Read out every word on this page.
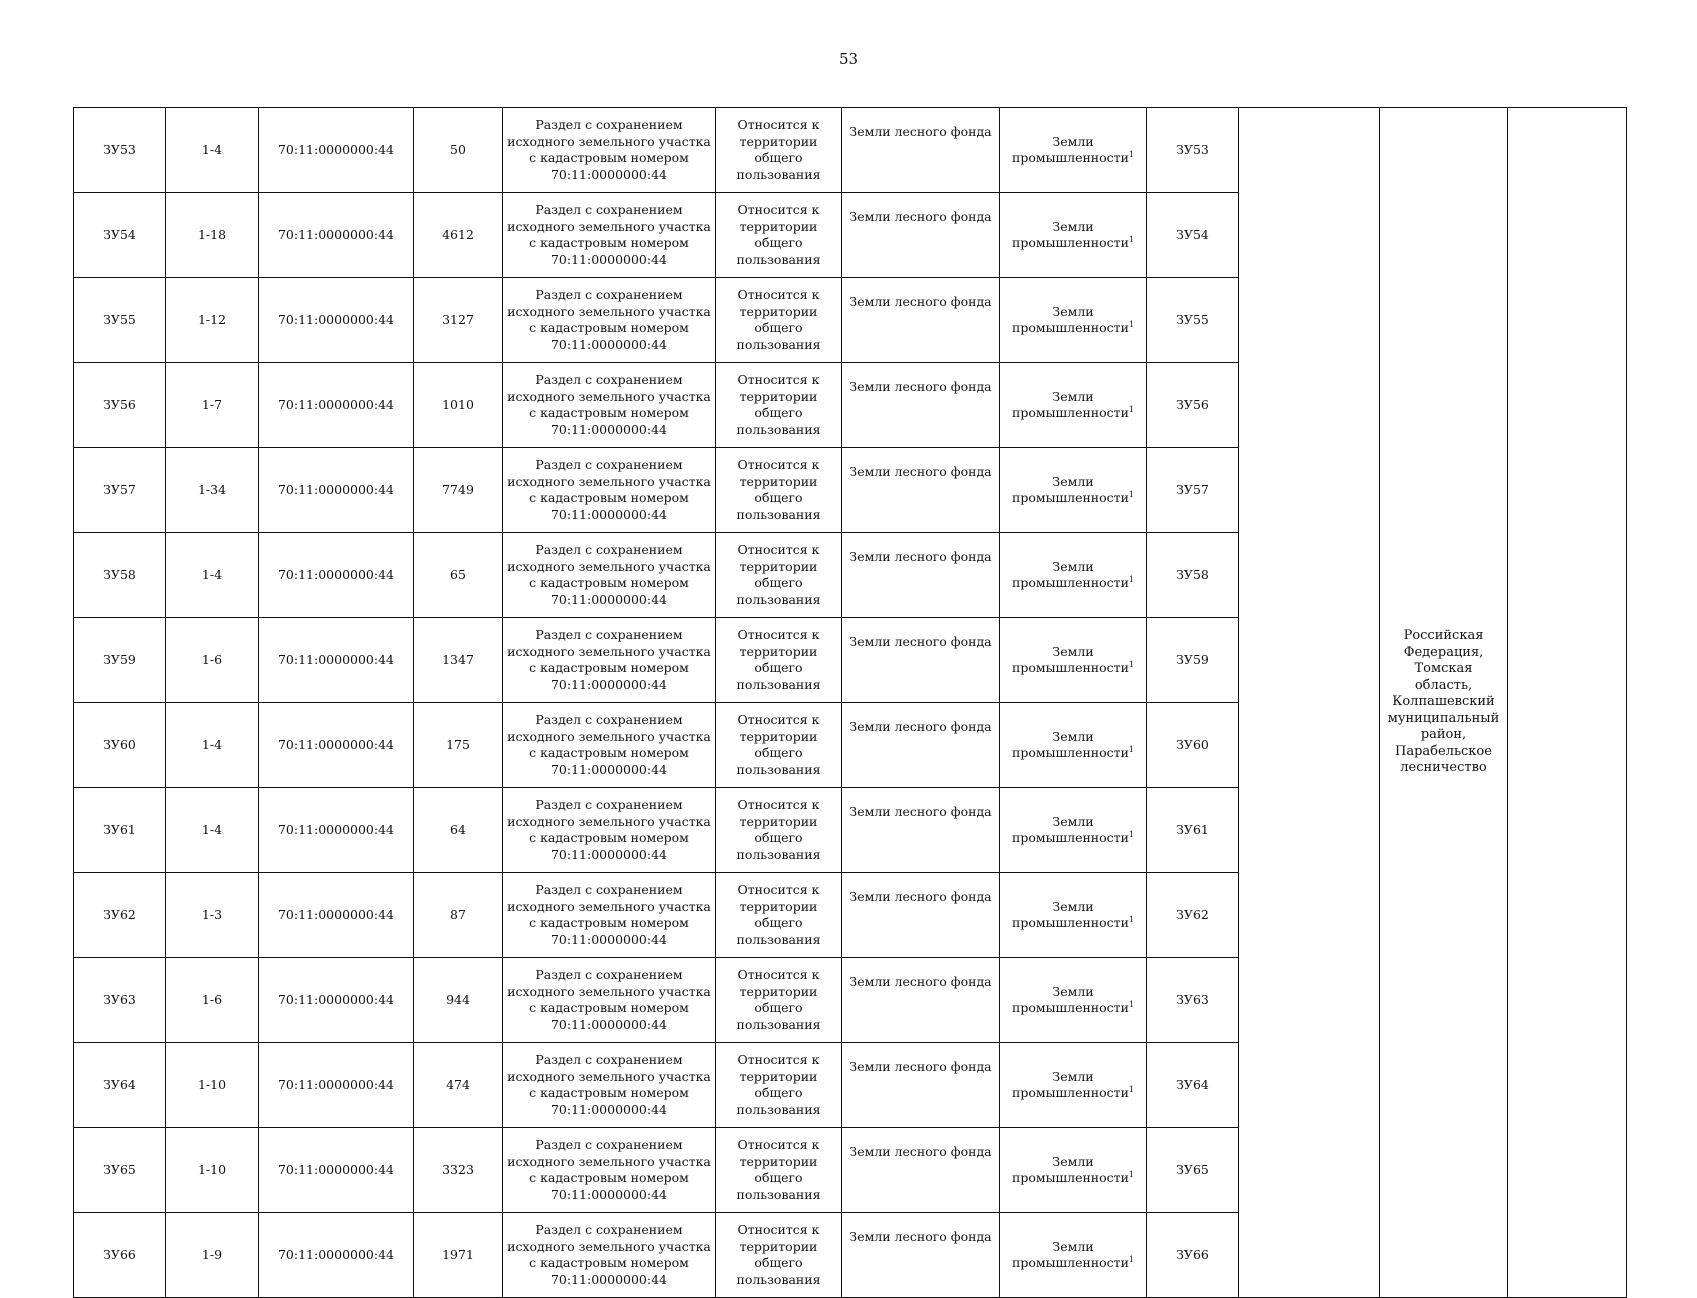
53
ЗУ53	1-4	70:11:0000000:44	50	Раздел с сохранением исходного земельного участка с кадастровым номером 70:11:0000000:44	Относится к территории общего пользования	Земли лесного фонда	Земли промышленности$^1$	ЗУ53		Российская Федерация, Томская область, Колпашевский муниципальный район, Парабельское лесничество	
ЗУ54	1-18	70:11:0000000:44	4612	Раздел с сохранением исходного земельного участка с кадастровым номером 70:11:0000000:44	Относится к территории общего пользования	Земли лесного фонда	Земли промышленности$^1$	ЗУ54			
ЗУ55	1-12	70:11:0000000:44	3127	Раздел с сохранением исходного земельного участка с кадастровым номером 70:11:0000000:44	Относится к территории общего пользования	Земли лесного фонда	Земли промышленности$^1$	ЗУ55			
ЗУ56	1-7	70:11:0000000:44	1010	Раздел с сохранением исходного земельного участка с кадастровым номером 70:11:0000000:44	Относится к территории общего пользования	Земли лесного фонда	Земли промышленности$^1$	ЗУ56			
ЗУ57	1-34	70:11:0000000:44	7749	Раздел с сохранением исходного земельного участка с кадастровым номером 70:11:0000000:44	Относится к территории общего пользования	Земли лесного фонда	Земли промышленности$^1$	ЗУ57			
ЗУ58	1-4	70:11:0000000:44	65	Раздел с сохранением исходного земельного участка с кадастровым номером 70:11:0000000:44	Относится к территории общего пользования	Земли лесного фонда	Земли промышленности$^1$	ЗУ58			
ЗУ59	1-6	70:11:0000000:44	1347	Раздел с сохранением исходного земельного участка с кадастровым номером 70:11:0000000:44	Относится к территории общего пользования	Земли лесного фонда	Земли промышленности$^1$	ЗУ59			
ЗУ60	1-4	70:11:0000000:44	175	Раздел с сохранением исходного земельного участка с кадастровым номером 70:11:0000000:44	Относится к территории общего пользования	Земли лесного фонда	Земли промышленности$^1$	ЗУ60			
ЗУ61	1-4	70:11:0000000:44	64	Раздел с сохранением исходного земельного участка с кадастровым номером 70:11:0000000:44	Относится к территории общего пользования	Земли лесного фонда	Земли промышленности$^1$	ЗУ61			
ЗУ62	1-3	70:11:0000000:44	87	Раздел с сохранением исходного земельного участка с кадастровым номером 70:11:0000000:44	Относится к территории общего пользования	Земли лесного фонда	Земли промышленности$^1$	ЗУ62			
ЗУ63	1-6	70:11:0000000:44	944	Раздел с сохранением исходного земельного участка с кадастровым номером 70:11:0000000:44	Относится к территории общего пользования	Земли лесного фонда	Земли промышленности$^1$	ЗУ63			
ЗУ64	1-10	70:11:0000000:44	474	Раздел с сохранением исходного земельного участка с кадастровым номером 70:11:0000000:44	Относится к территории общего пользования	Земли лесного фонда	Земли промышленности$^1$	ЗУ64			
ЗУ65	1-10	70:11:0000000:44	3323	Раздел с сохранением исходного земельного участка с кадастровым номером 70:11:0000000:44	Относится к территории общего пользования	Земли лесного фонда	Земли промышленности$^1$	ЗУ65			
ЗУ66	1-9	70:11:0000000:44	1971	Раздел с сохранением исходного земельного участка с кадастровым номером 70:11:0000000:44	Относится к территории общего пользования	Земли лесного фонда	Земли промышленности$^1$	ЗУ66			
